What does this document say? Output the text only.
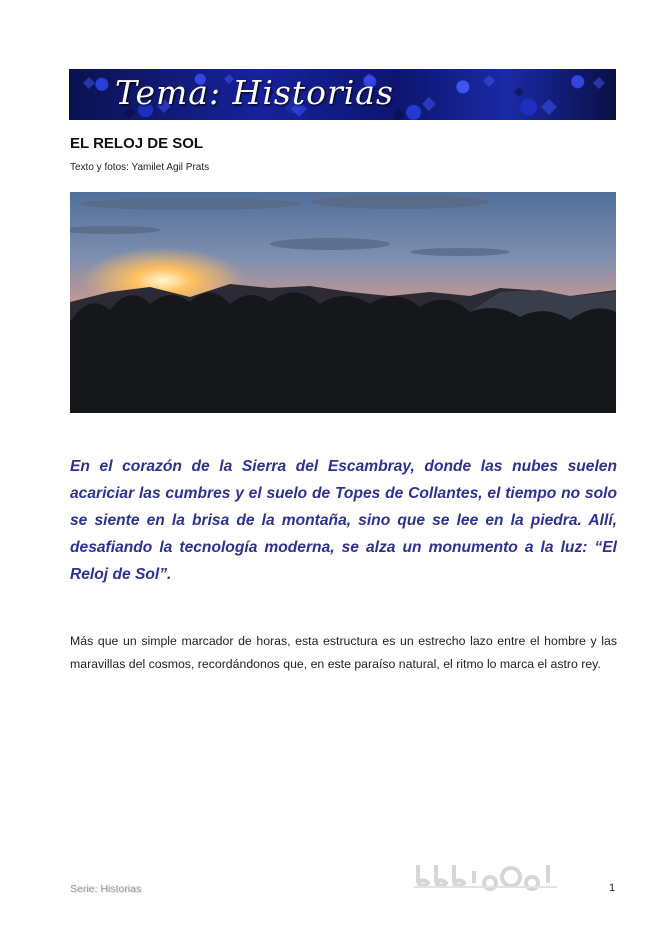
Tema: Historias
EL RELOJ DE SOL
Texto y fotos: Yamilet Agil Prats

En el corazón de la Sierra del Escambray, donde las nubes suelen acariciar las cumbres y el suelo de Topes de Collantes, el tiempo no solo se siente en la brisa de la montaña, sino que se lee en la piedra. Allí, desafiando la tecnología moderna, se alza un monumento a la luz: “El Reloj de Sol”.

Más que un simple marcador de horas, esta estructura es un estrecho lazo entre el hombre y las maravillas del cosmos, recordándonos que, en este paraíso natural, el ritmo lo marca el astro rey.

Serie: Historias	1
